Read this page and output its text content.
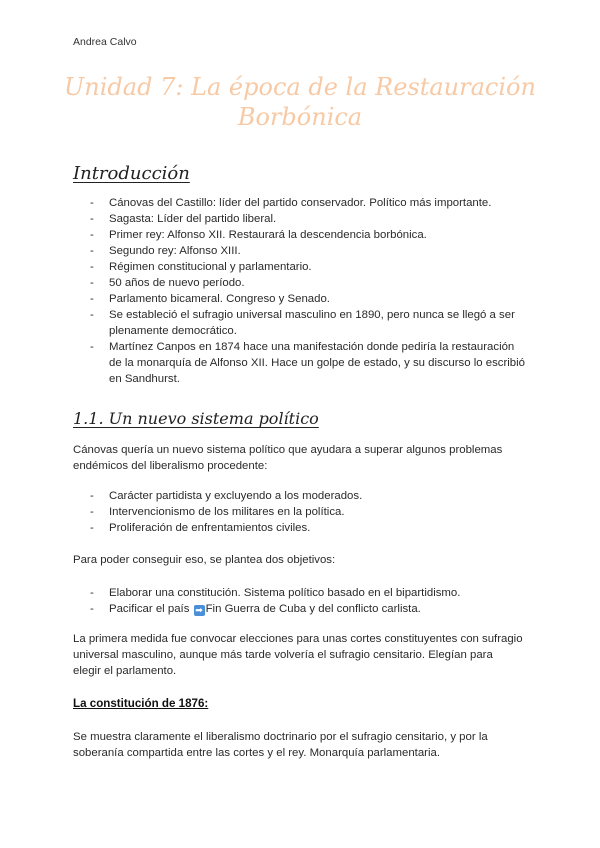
Andrea Calvo
Unidad 7: La época de la Restauración Borbónica
Introducción
- Cánovas del Castillo: líder del partido conservador. Político más importante.
- Sagasta: Líder del partido liberal.
- Primer rey: Alfonso XII. Restaurará la descendencia borbónica.
- Segundo rey: Alfonso XIII.
- Régimen constitucional y parlamentario.
- 50 años de nuevo período.
- Parlamento bicameral. Congreso y Senado.
- Se estableció el sufragio universal masculino en 1890, pero nunca se llegó a ser plenamente democrático.
- Martínez Canpos en 1874 hace una manifestación donde pediría la restauración de la monarquía de Alfonso XII. Hace un golpe de estado, y su discurso lo escribió en Sandhurst.
1.1. Un nuevo sistema político

Cánovas quería un nuevo sistema político que ayudara a superar algunos problemas endémicos del liberalismo procedente:

- Carácter partidista y excluyendo a los moderados.
- Intervencionismo de los militares en la política.
- Proliferación de enfrentamientos civiles.

Para poder conseguir eso, se plantea dos objetivos:

- Elaborar una constitución. Sistema político basado en el bipartidismo.
- Pacificar el país ➡ Fin Guerra de Cuba y del conflicto carlista.

La primera medida fue convocar elecciones para unas cortes constituyentes con sufragio universal masculino, aunque más tarde volvería el sufragio censitario. Elegían para elegir el parlamento.

La constitución de 1876:

Se muestra claramente el liberalismo doctrinario por el sufragio censitario, y por la soberanía compartida entre las cortes y el rey. Monarquía parlamentaria.
